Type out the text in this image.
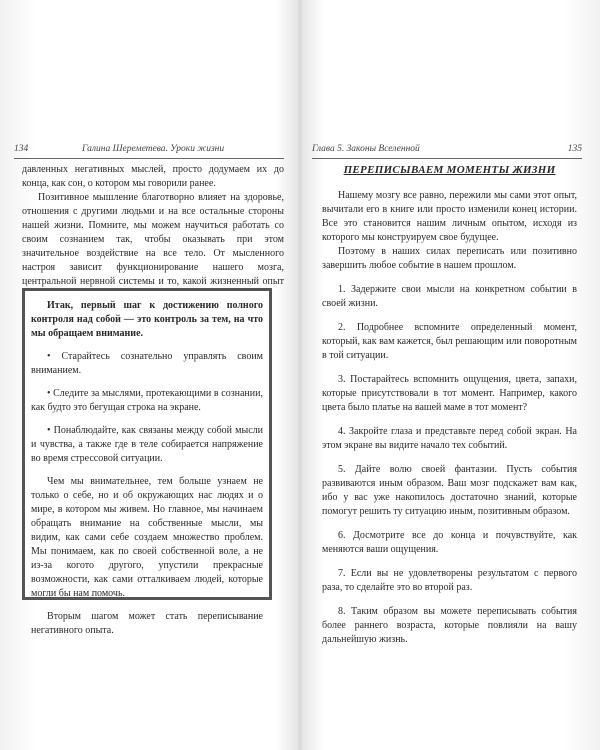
134	Галина Шереметева. Уроки жизни

давленных негативных мыслей, просто додумаем их до конца, как сон, о котором мы говорили ранее.

Позитивное мышление благотворно влияет на здоровье, отношения с другими людьми и на все остальные стороны нашей жизни. Помните, мы можем научиться работать со своим сознанием так, чтобы оказывать при этом значительное воздействие на все тело. От мысленного настроя зависит функционирование нашего мозга, центральной нервной системы и то, какой жизненный опыт

Итак, первый шаг к достижению полного контроля над собой — это контроль за тем, на что мы обращаем внимание.

• Старайтесь сознательно управлять своим вниманием.

• Следите за мыслями, протекающими в сознании, как будто это бегущая строка на экране.

• Понаблюдайте, как связаны между собой мысли и чувства, а также где в теле собирается напряжение во время стрессовой ситуации.

Чем мы внимательнее, тем больше узнаем не только о себе, но и об окружающих нас людях и о мире, в котором мы живем. Но главное, мы начинаем обращать внимание на собственные мысли, мы видим, как сами себе создаем множество проблем. Мы понимаем, как по своей собственной воле, а не из-за когото другого, упустили прекрасные возможности, как сами отталкиваем людей, которые могли бы нам помочь.

Вторым шагом может стать переписывание негативного опыта.

Глава 5. Законы Вселенной	135
ПЕРЕПИСЫВАЕМ МОМЕНТЫ ЖИЗНИ

Нашему мозгу все равно, пережили мы сами этот опыт, вычитали его в книге или просто изменили конец истории. Все это становится нашим личным опытом, исходя из которого мы конструируем свое будущее.

Поэтому в наших силах переписать или позитивно завершить любое событие в нашем прошлом.

1. Задержите свои мысли на конкретном событии в своей жизни.

2. Подробнее вспомните определенный момент, который, как вам кажется, был решающим или поворотным в той ситуации.

3. Постарайтесь вспомнить ощущения, цвета, запахи, которые присутствовали в тот момент. Например, какого цвета было платье на вашей маме в тот момент?

4. Закройте глаза и представьте перед собой экран. На этом экране вы видите начало тех событий.

5. Дайте волю своей фантазии. Пусть события развиваются иным образом. Ваш мозг подскажет вам как, ибо у вас уже накопилось достаточно знаний, которые помогут решить ту ситуацию иным, позитивным образом.

6. Досмотрите все до конца и почувствуйте, как меняются ваши ощущения.

7. Если вы не удовлетворены результатом с первого раза, то сделайте это во второй раз.

8. Таким образом вы можете переписывать события более раннего возраста, которые повлияли на вашу дальнейшую жизнь.
